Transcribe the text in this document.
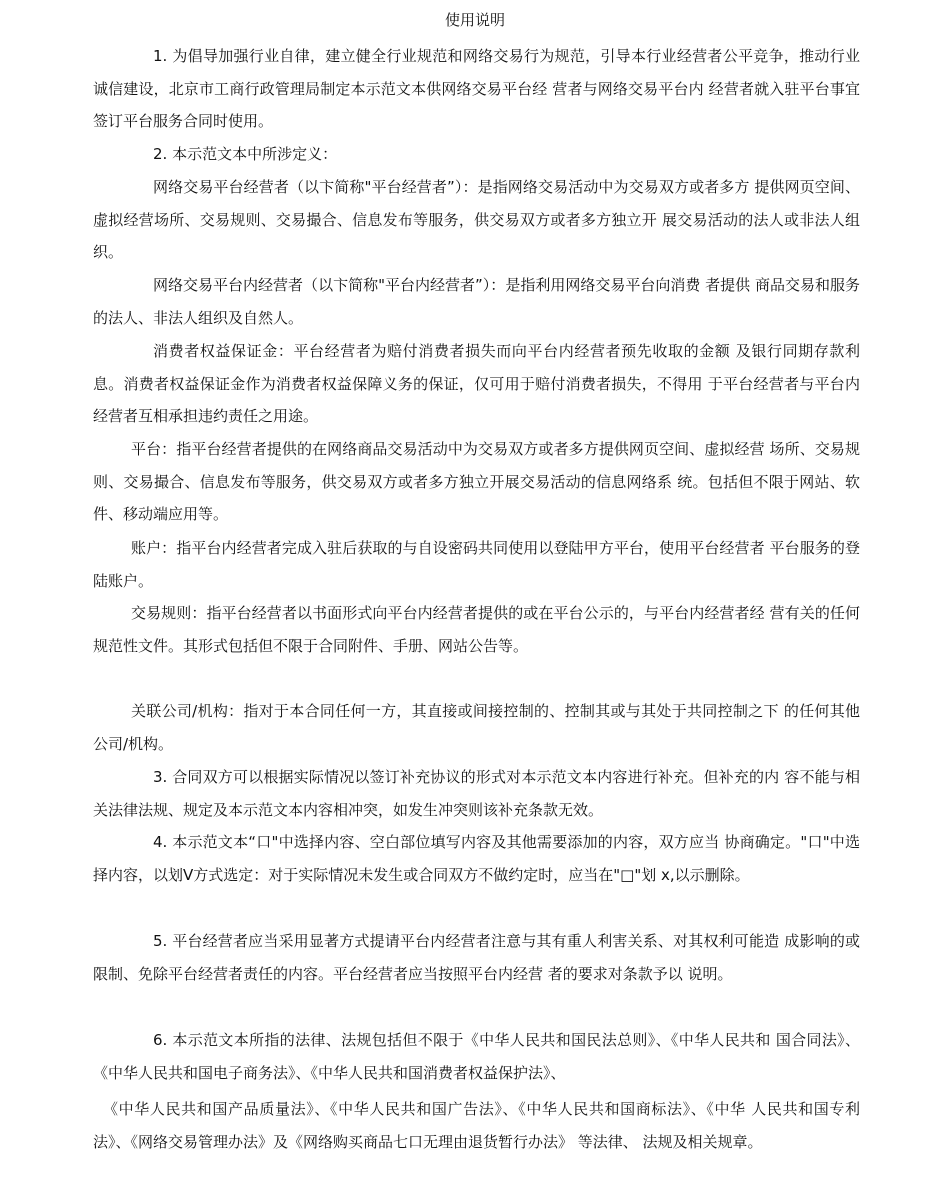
使用说明

1. 为倡导加强行业自律，建立健全行业规范和网络交易行为规范，引导本行业经营者公平竞争，推动行业诚信建设，北京市工商行政管理局制定本示范文本供网络交易平台经 营者与网络交易平台内 经营者就入驻平台事宜签订平台服务合同时使用。

2. 本示范文本中所涉定义：

网络交易平台经营者（以卞简称"平台经营者”）：是指网络交易活动中为交易双方或者多方 提供网页空间、虚拟经营场所、交易规则、交易撮合、信息发布等服务，供交易双方或者多方独立开 展交易活动的法人或非法人组织。

网络交易平台内经营者（以卞简称"平台内经营者”）：是指利用网络交易平台向消费 者提供 商品交易和服务的法人、非法人组织及自然人。

消费者权益保证金：平台经营者为赔付消费者损失而向平台内经营者预先收取的金额 及银行同期存款利息。消费者权益保证金作为消费者权益保障义务的保证，仅可用于赔付消费者损失，不得用 于平台经营者与平台内经营者互相承担违约责任之用途。

平台：指平台经营者提供的在网络商品交易活动中为交易双方或者多方提供网页空间、虚拟经营 场所、交易规则、交易撮合、信息发布等服务，供交易双方或者多方独立开展交易活动的信息网络系 统。包括但不限于网站、软件、移动端应用等。

账户：指平台内经营者完成入驻后获取的与自设密码共同使用以登陆甲方平台，使用平台经营者 平台服务的登陆账户。

交易规则：指平台经营者以书面形式向平台内经营者提供的或在平台公示的，与平台内经营者经 营有关的任何规范性文件。其形式包括但不限于合同附件、手册、网站公告等。

关联公司/机构：指对于本合同任何一方，其直接或间接控制的、控制其或与其处于共同控制之下 的任何其他公司/机构。

3. 合同双方可以根据实际情况以签订补充协议的形式对本示范文本内容进行补充。但补充的内 容不能与相关法律法规、规定及本示范文本内容相冲突，如发生冲突则该补充条款无效。

4. 本示范文本“口"中选择内容、空白部位填写内容及其他需要添加的内容，双方应当 协商确定。"口"中选择内容，以划Ⅴ方式选定：对于实际情况未发生或合同双方不做约定时，应当在"□"划 x,以示删除。

5. 平台经营者应当采用显著方式提请平台内经营者注意与其有重人利害关系、对其权利可能造 成影响的或限制、免除平台经营者责任的内容。平台经营者应当按照平台内经营 者的要求对条款予以 说明。

6. 本示范文本所指的法律、法规包括但不限于《中华人民共和国民法总则》、《中华人民共和 国合同法》、《中华人民共和国电子商务法》、《中华人民共和国消费者权益保护法》、

《中华人民共和国产品质量法》、《中华人民共和国广告法》、《中华人民共和国商标法》、《中华 人民共和国专利法》、《网络交易管理办法》及《网络购买商品七口无理由退货暂行办法》 等法律、 法规及相关规章。
